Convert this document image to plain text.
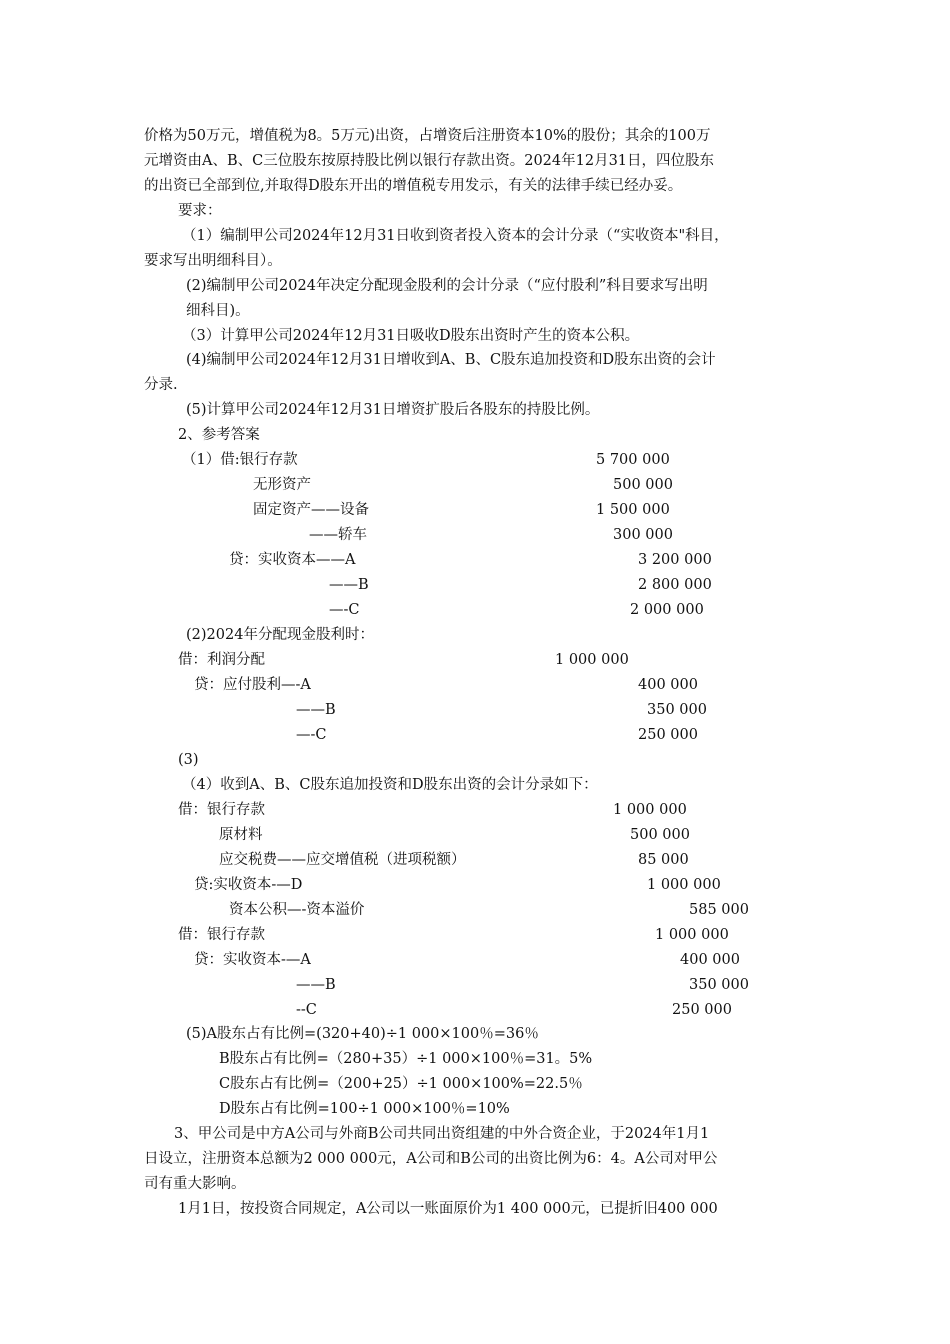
价格为50万元，增值税为8。5万元)出资，占增资后注册资本10%的股份；其余的100万
元增资由A、B、C三位股东按原持股比例以银行存款出资。2024年12月31日，四位股东
的出资已全部到位,并取得D股东开出的增值税专用发示，有关的法律手续已经办妥。
要求：
（1）编制甲公司2024年12月31日收到资者投入资本的会计分录（“实收资本"科目，
要求写出明细科目）。
(2)编制甲公司2024年决定分配现金股利的会计分录（“应付股利”科目要求写出明
细科目)。
（3）计算甲公司2024年12月31日吸收D股东出资时产生的资本公积。
(4)编制甲公司2024年12月31日增收到A、B、C股东追加投资和D股东出资的会计
分录.
(5)计算甲公司2024年12月31日增资扩股后各股东的持股比例。
2、参考答案
（1）借:银行存款	5 700 000
无形资产	500 000
固定资产——设备	1 500 000
——轿车	300 000
贷：实收资本——A	3 200 000
——B	2 800 000
—-C	2 000 000
(2)2024年分配现金股利时：
借：利润分配	1 000 000
贷：应付股利—-A	400 000
——B	350 000
—-C	250 000
(3)
（4）收到A、B、C股东追加投资和D股东出资的会计分录如下：
借：银行存款	1 000 000
原材料	500 000
应交税费——应交增值税（进项税额）	85 000
贷:实收资本-—D	1 000 000
资本公积—-资本溢价	585 000
借：银行存款	1 000 000
贷：实收资本-—A	400 000
——B	350 000
--C	250 000
(5)A股东占有比例=(320+40)÷1 000×100％=36％
B股东占有比例=（280+35）÷1 000×100％=31。5%
C股东占有比例=（200+25）÷1 000×100%=22.5％
D股东占有比例=100÷1 000×100％=10%
3、甲公司是中方A公司与外商B公司共同出资组建的中外合资企业，于2024年1月1
日设立，注册资本总额为2 000 000元，A公司和B公司的出资比例为6：4。A公司对甲公
司有重大影响。
1月1日，按投资合同规定，A公司以一账面原价为1 400 000元，已提折旧400 000
